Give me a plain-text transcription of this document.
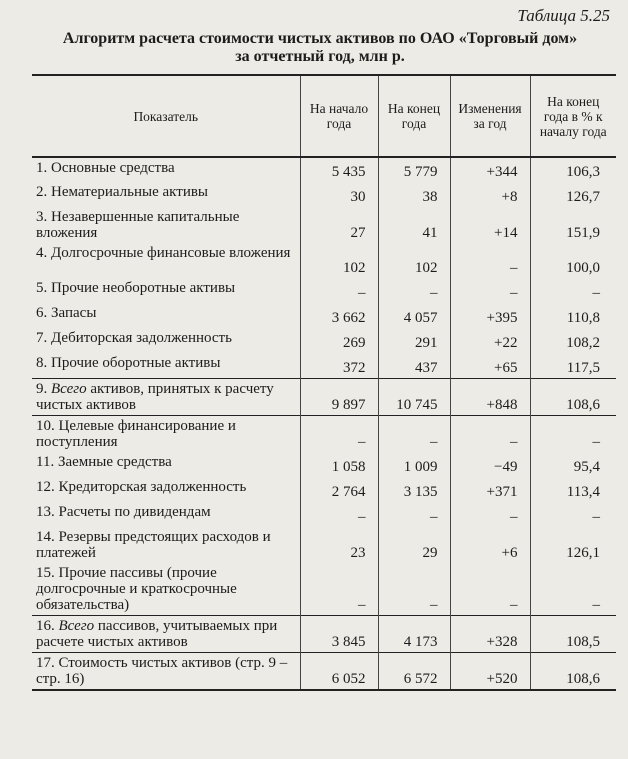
Таблица 5.25
Алгоритм расчета стоимости чистых активов по ОАО «Торговый дом»
за отчетный год, млн р.
Показатель	На начало года	На конец года	Изменения за год	На конец года в % к началу года
1. Основные средства	5 435	5 779	+344	106,3
2. Нематериальные активы	30	38	+8	126,7
3. Незавершенные капитальные вложения	27	41	+14	151,9
4. Долгосрочные финансовые вложения	102	102	–	100,0
5. Прочие необоротные активы	–	–	–	–
6. Запасы	3 662	4 057	+395	110,8
7. Дебиторская задолженность	269	291	+22	108,2
8. Прочие оборотные активы	372	437	+65	117,5
9. Всего активов, принятых к расчету чистых активов	9 897	10 745	+848	108,6
10. Целевые финансирование и поступления	–	–	–	–
11. Заемные средства	1 058	1 009	−49	95,4
12. Кредиторская задолженность	2 764	3 135	+371	113,4
13. Расчеты по дивидендам	–	–	–	–
14. Резервы предстоящих расходов и платежей	23	29	+6	126,1
15. Прочие пассивы (прочие долгосрочные и краткосрочные обязательства)	–	–	–	–
16. Всего пассивов, учитываемых при расчете чистых активов	3 845	4 173	+328	108,5
17. Стоимость чистых активов (стр. 9 – стр. 16)	6 052	6 572	+520	108,6
